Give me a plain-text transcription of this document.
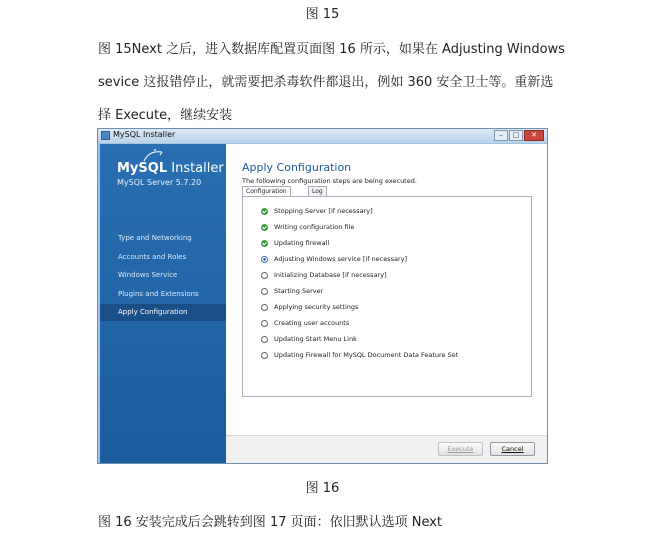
图 15
图 15Next 之后，进入数据库配置页面图 16 所示，如果在 Adjusting Windows
sevice 这报错停止，就需要把杀毒软件都退出，例如 360 安全卫士等。重新选
择 Execute，继续安装
MySQL Installer	–	□	✕
MySQL Installer
MySQL Server 5.7.20
Type and Networking
Accounts and Roles
Windows Service
Plugins and Extensions
Apply Configuration
Apply Configuration
The following configuration steps are being executed.
Configuration	Log
Stopping Server [if necessary]
Writing configuration file
Updating firewall
Adjusting Windows service [if necessary]
Initializing Database [if necessary]
Starting Server
Applying security settings
Creating user accounts
Updating Start Menu Link
Updating Firewall for MySQL Document Data Feature Set
Execute	Cancel
图 16
图 16 安装完成后会跳转到图 17 页面：依旧默认选项 Next
